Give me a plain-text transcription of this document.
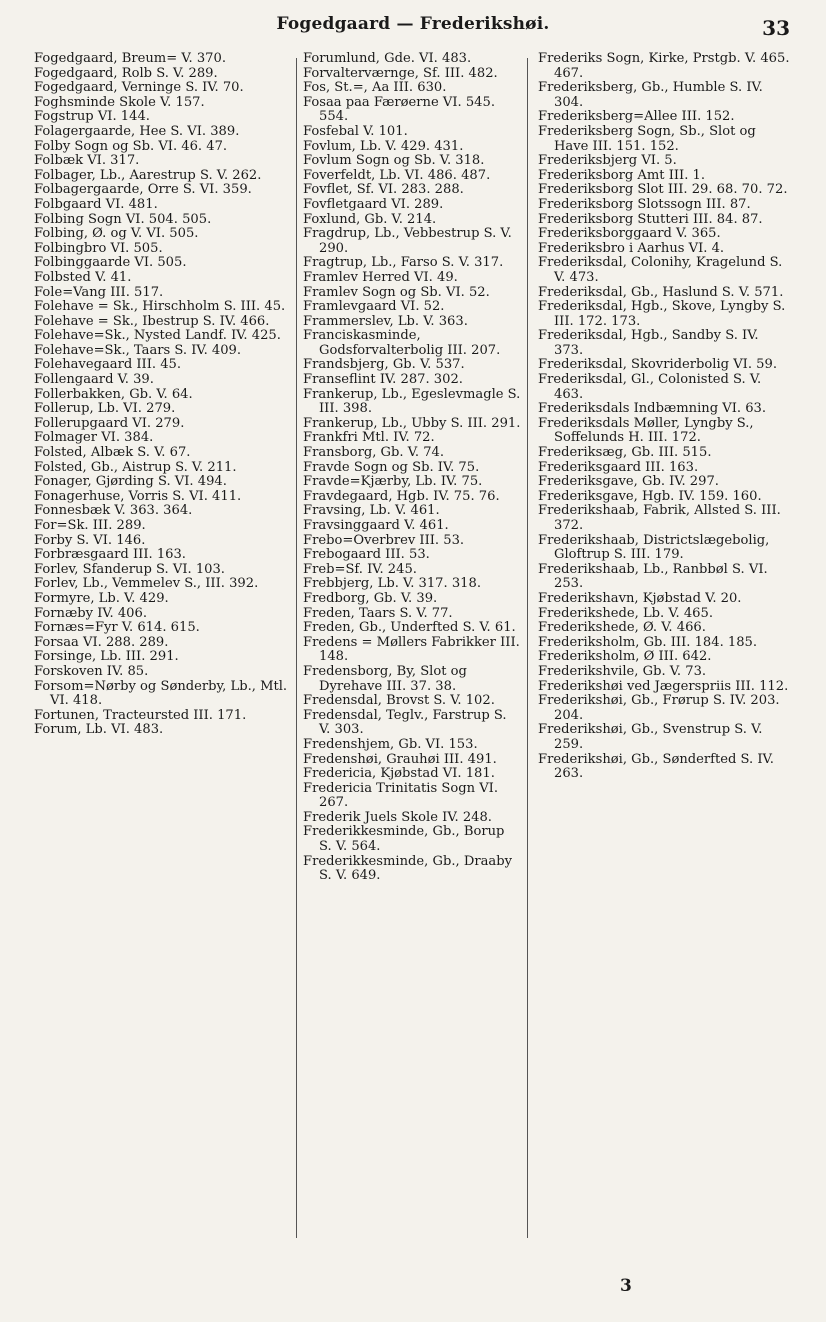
Fogedgaard — Frederikshøi.	33

Fogedgaard, Breum= V. 370.

Fogedgaard, Rolb S. V. 289.

Fogedgaard, Verninge S. IV. 70.

Foghsminde Skole V. 157.

Fogstrup VI. 144.

Folagergaarde, Hee S. VI. 389.

Folby Sogn og Sb. VI. 46. 47.

Folbæk VI. 317.

Folbager, Lb., Aarestrup S. V. 262.

Folbagergaarde, Orre S. VI. 359.

Folbgaard VI. 481.

Folbing Sogn VI. 504. 505.

Folbing, Ø. og V. VI. 505.

Folbingbro VI. 505.

Folbinggaarde VI. 505.

Folbsted V. 41.

Fole=Vang III. 517.

Folehave = Sk., Hirschholm S. III. 45.

Folehave = Sk., Ibestrup S. IV. 466.

Folehave=Sk., Nysted Landf. IV. 425.

Folehave=Sk., Taars S. IV. 409.

Folehavegaard III. 45.

Follengaard V. 39.

Follerbakken, Gb. V. 64.

Follerup, Lb. VI. 279.

Follerupgaard VI. 279.

Folmager VI. 384.

Folsted, Albæk S. V. 67.

Folsted, Gb., Aistrup S. V. 211.

Fonager, Gjørding S. VI. 494.

Fonagerhuse, Vorris S. VI. 411.

Fonnesbæk V. 363. 364.

For=Sk. III. 289.

Forby S. VI. 146.

Forbræsgaard III. 163.

Forlev, Sfanderup S. VI. 103.

Forlev, Lb., Vemmelev S., III. 392.

Formyre, Lb. V. 429.

Fornæby IV. 406.

Fornæs=Fyr V. 614. 615.

Forsaa VI. 288. 289.

Forsinge, Lb. III. 291.

Forskoven IV. 85.

Forsom=Nørby og Sønderby, Lb., Mtl. VI. 418.

Fortunen, Tracteursted III. 171.

Forum, Lb. VI. 483.

Forumlund, Gde. VI. 483.

Forvalterværnge, Sf. III. 482.

Fos, St.=, Aa III. 630.

Fosaa paa Færøerne VI. 545. 554.

Fosfebal V. 101.

Fovlum, Lb. V. 429. 431.

Fovlum Sogn og Sb. V. 318.

Foverfeldt, Lb. VI. 486. 487.

Fovflet, Sf. VI. 283. 288.

Fovfletgaard VI. 289.

Foxlund, Gb. V. 214.

Fragdrup, Lb., Vebbestrup S. V. 290.

Fragtrup, Lb., Farso S. V. 317.

Framlev Herred VI. 49.

Framlev Sogn og Sb. VI. 52.

Framlevgaard VI. 52.

Frammerslev, Lb. V. 363.

Franciskasminde, Godsforvalterbolig III. 207.

Frandsbjerg, Gb. V. 537.

Franseflint IV. 287. 302.

Frankerup, Lb., Egeslevmagle S. III. 398.

Frankerup, Lb., Ubby S. III. 291.

Frankfri Mtl. IV. 72.

Fransborg, Gb. V. 74.

Fravde Sogn og Sb. IV. 75.

Fravde=Kjærby, Lb. IV. 75.

Fravdegaard, Hgb. IV. 75. 76.

Fravsing, Lb. V. 461.

Fravsinggaard V. 461.

Frebo=Overbrev III. 53.

Frebogaard III. 53.

Freb=Sf. IV. 245.

Frebbjerg, Lb. V. 317. 318.

Fredborg, Gb. V. 39.

Freden, Taars S. V. 77.

Freden, Gb., Underfted S. V. 61.

Fredens = Møllers Fabrikker III. 148.

Fredensborg, By, Slot og Dyrehave III. 37. 38.

Fredensdal, Brovst S. V. 102.

Fredensdal, Teglv., Farstrup S. V. 303.

Fredenshjem, Gb. VI. 153.

Fredenshøi, Grauhøi III. 491.

Fredericia, Kjøbstad VI. 181.

Fredericia Trinitatis Sogn VI. 267.

Frederik Juels Skole IV. 248.

Frederikkesminde, Gb., Borup S. V. 564.

Frederikkesminde, Gb., Draaby S. V. 649.

Frederiks Sogn, Kirke, Prstgb. V. 465. 467.

Frederiksberg, Gb., Humble S. IV. 304.

Frederiksberg=Allee III. 152.

Frederiksberg Sogn, Sb., Slot og Have III. 151. 152.

Frederiksbjerg VI. 5.

Frederiksborg Amt III. 1.

Frederiksborg Slot III. 29. 68. 70. 72.

Frederiksborg Slotssogn III. 87.

Frederiksborg Stutteri III. 84. 87.

Frederiksborggaard V. 365.

Frederiksbro i Aarhus VI. 4.

Frederiksdal, Colonihy, Kragelund S. V. 473.

Frederiksdal, Gb., Haslund S. V. 571.

Frederiksdal, Hgb., Skove, Lyngby S. III. 172. 173.

Frederiksdal, Hgb., Sandby S. IV. 373.

Frederiksdal, Skovriderbolig VI. 59.

Frederiksdal, Gl., Colonisted S. V. 463.

Frederiksdals Indbæmning VI. 63.

Frederiksdals Møller, Lyngby S., Soffelunds H. III. 172.

Frederiksæg, Gb. III. 515.

Frederiksgaard III. 163.

Frederiksgave, Gb. IV. 297.

Frederiksgave, Hgb. IV. 159. 160.

Frederikshaab, Fabrik, Allsted S. III. 372.

Frederikshaab, Districtslægebolig, Gloftrup S. III. 179.

Frederikshaab, Lb., Ranbbøl S. VI. 253.

Frederikshavn, Kjøbstad V. 20.

Frederikshede, Lb. V. 465.

Frederikshede, Ø. V. 466.

Frederiksholm, Gb. III. 184. 185.

Frederiksholm, Ø III. 642.

Frederikshvile, Gb. V. 73.

Frederikshøi ved Jægerspriis III. 112.

Frederikshøi, Gb., Frørup S. IV. 203. 204.

Frederikshøi, Gb., Svenstrup S. V. 259.

Frederikshøi, Gb., Sønderfted S. IV. 263.

3
